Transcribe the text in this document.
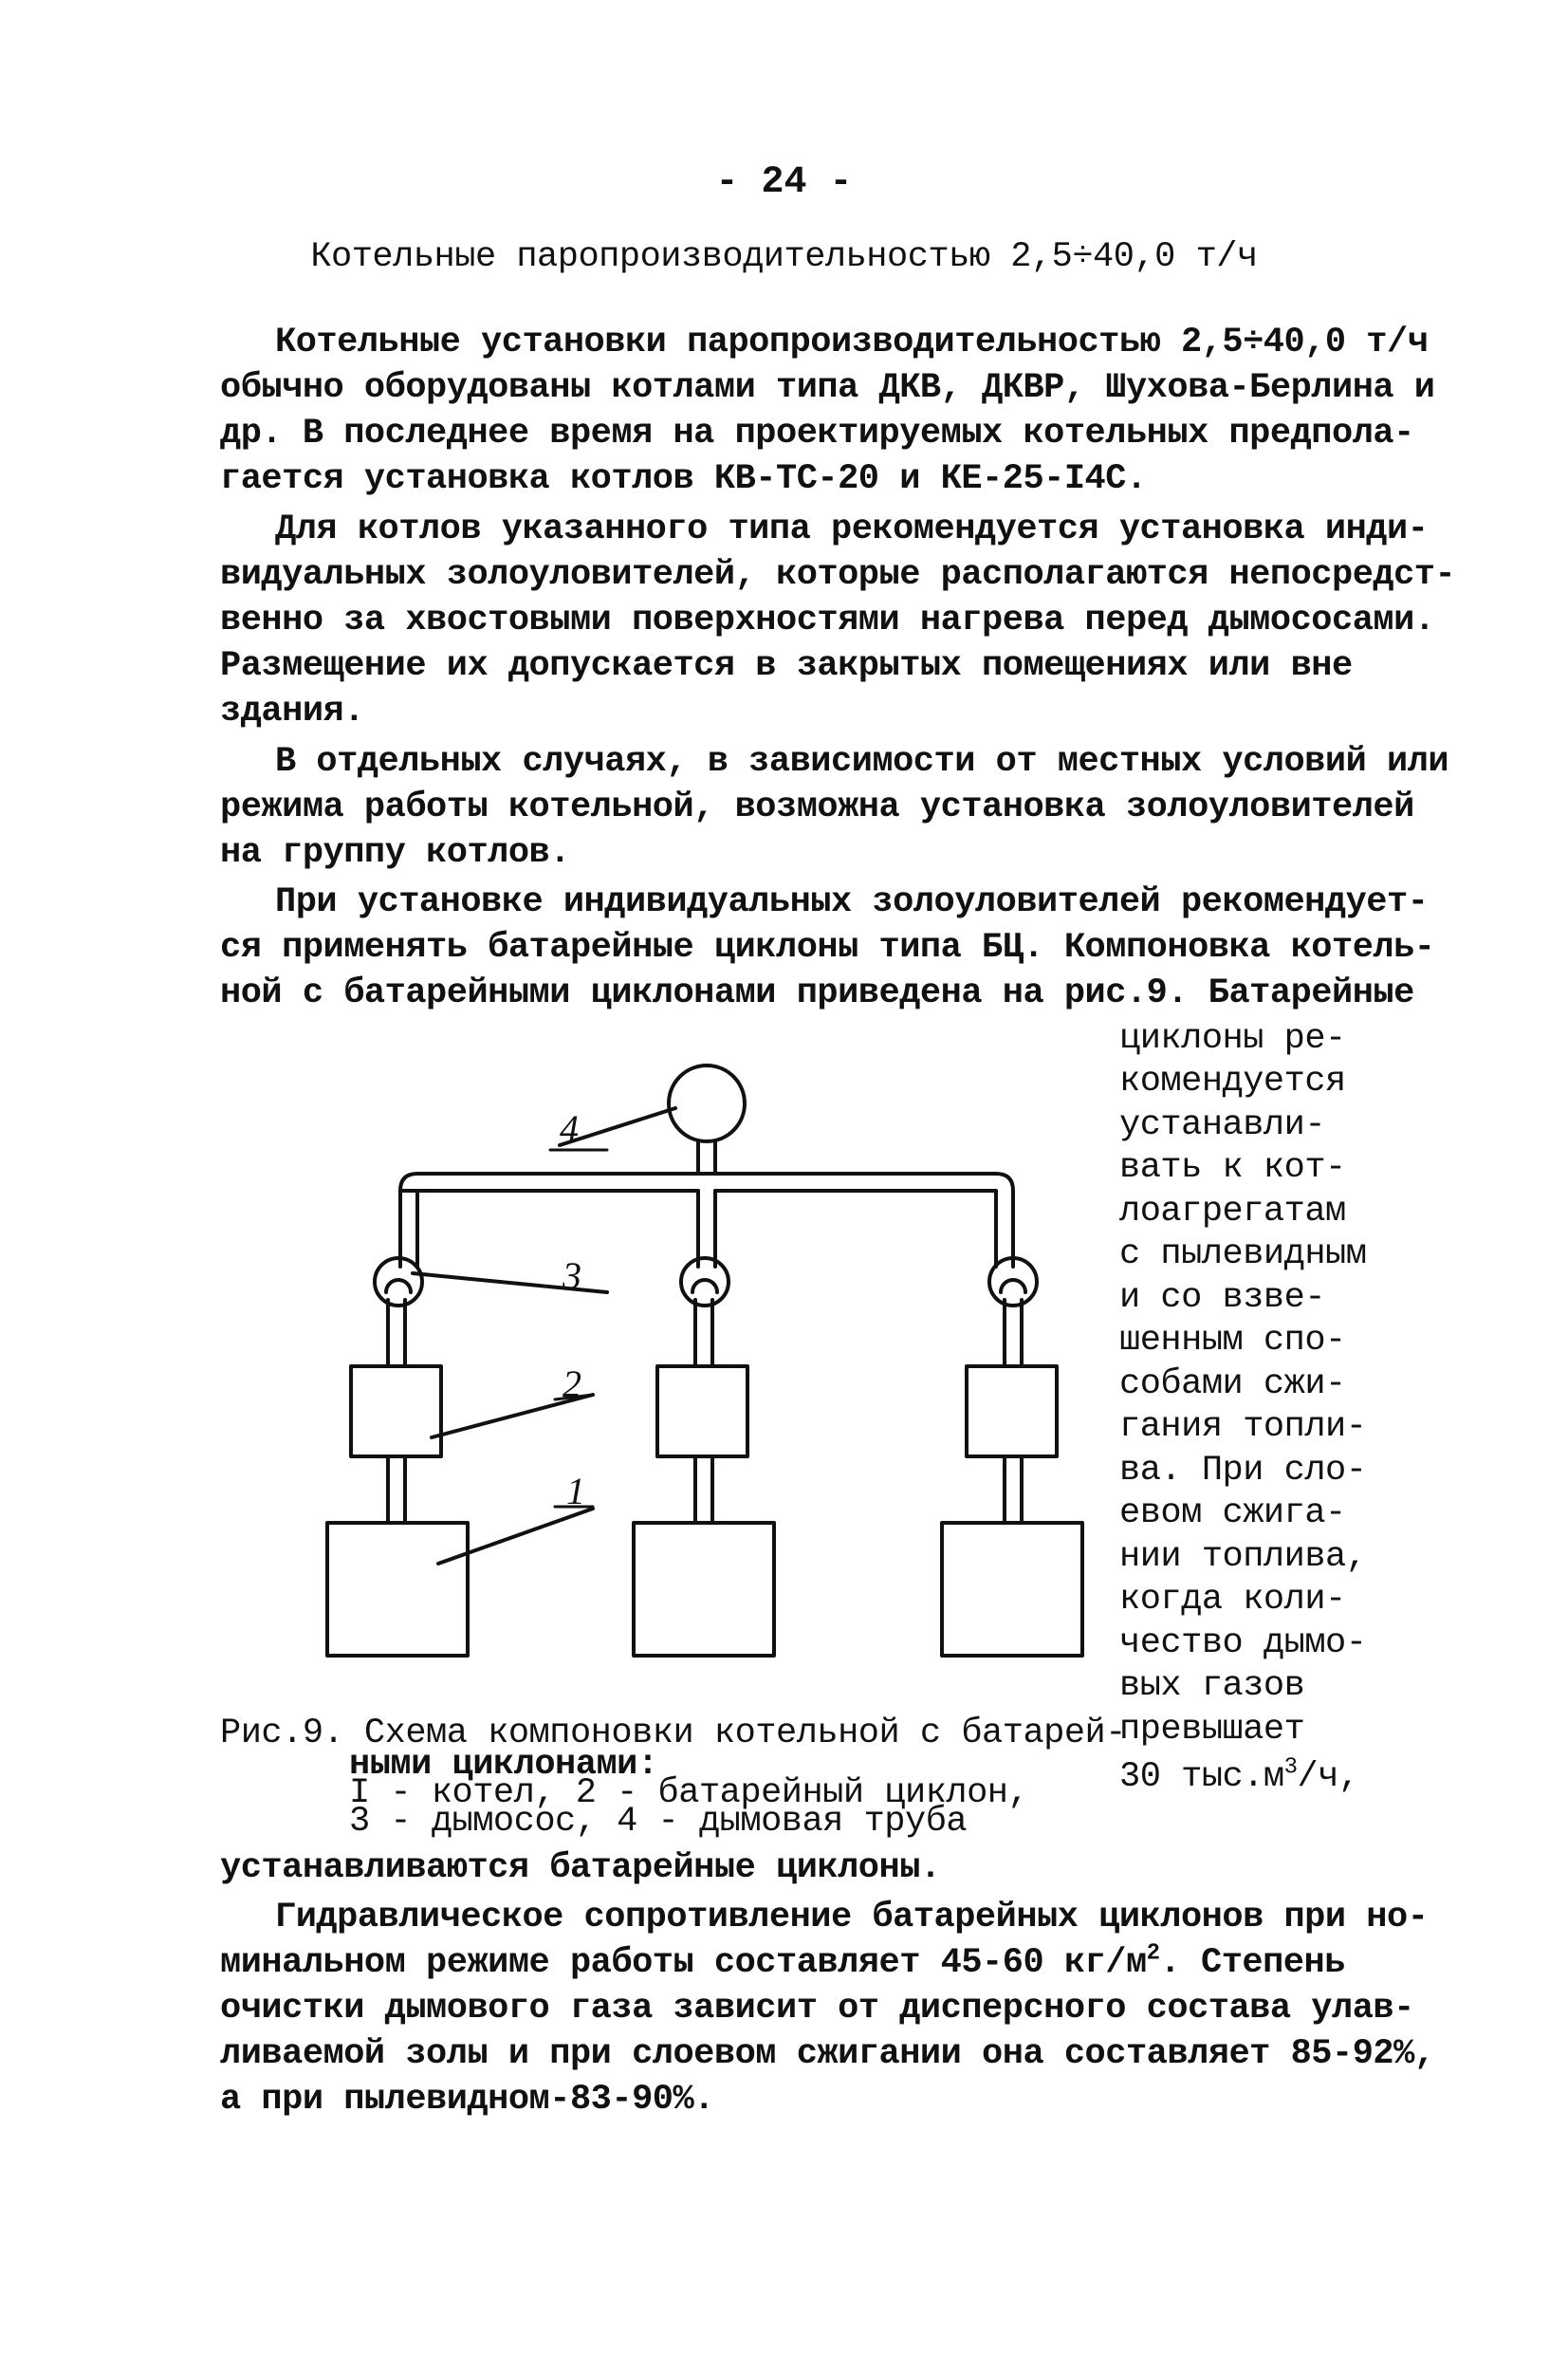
- 24 -
Котельные паропроизводительностью 2,5÷40,0 т/ч
Котельные установки паропроизводительностью 2,5÷40,0 т/ч
обычно оборудованы котлами типа ДКВ, ДКВР, Шухова-Берлина и
др. В последнее время на проектируемых котельных предпола-
гается установка котлов КВ-ТС-20 и КЕ-25-I4С.
Для котлов указанного типа рекомендуется установка инди-
видуальных золоуловителей, которые располагаются непосредст-
венно за хвостовыми поверхностями нагрева перед дымососами.
Размещение их допускается в закрытых помещениях или вне
здания.
В отдельных случаях, в зависимости от местных условий или
режима работы котельной, возможна установка золоуловителей
на группу котлов.
При установке индивидуальных золоуловителей рекомендует-
ся применять батарейные циклоны типа БЦ. Компоновка котель-
ной с батарейными циклонами приведена на рис.9. Батарейные
циклоны ре-
комендуется
устанавли-
вать к кот-
лоагрегатам
с пылевидным
и со взве-
шенным спо-
собами сжи-
гания топли-
ва. При сло-
евом сжига-
нии топлива,
когда коли-
чество дымо-
вых газов
превышает
30 $тыс.м^3/ч$,
4
3
2
1
Рис.9. Схема компоновки котельной с батарей-
ными циклонами:
I - котел, 2 - батарейный циклон,
3 - дымосос, 4 - дымовая труба
устанавливаются батарейные циклоны.
Гидравлическое сопротивление батарейных циклонов при но-
минальном режиме работы составляет 45-60 $кг/м^2$. Степень
очистки дымового газа зависит от дисперсного состава улав-
ливаемой золы и при слоевом сжигании она составляет 85-92%,
а при пылевидном-83-90%.
